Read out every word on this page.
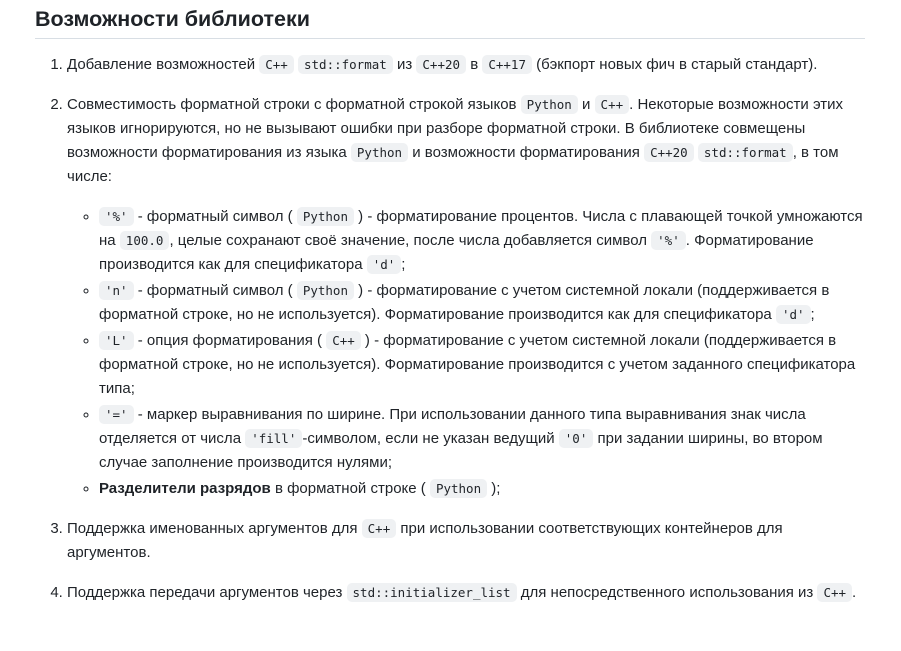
Возможности библиотеки
1. Добавление возможностей C++ std::format из C++20 в C++17 (бэкпорт новых фич в старый стандарт).
2. Совместимость форматной строки с форматной строкой языков Python и C++ . Некоторые возможности этих языков игнорируются, но не вызывают ошибки при разборе форматной строки. В библиотеке совмещены возможности форматирования из языка Python и возможности форматирования C++20 std::format , в том числе:
◦ '%' - форматный символ ( Python ) - форматирование процентов. Числа с плавающей точкой умножаются на 100.0 , целые сохранают своё значение, после числа добавляется символ '%' . Форматирование производится как для спецификатора 'd' ;
◦ 'n' - форматный символ ( Python ) - форматирование с учетом системной локали (поддерживается в форматной строке, но не используется). Форматирование производится как для спецификатора 'd' ;
◦ 'L' - опция форматирования ( C++ ) - форматирование с учетом системной локали (поддерживается в форматной строке, но не используется). Форматирование производится с учетом заданного спецификатора типа;
◦ '=' - маркер выравнивания по ширине. При использовании данного типа выравнивания знак числа отделяется от числа 'fill' -символом, если не указан ведущий '0' при задании ширины, во втором случае заполнение производится нулями;
◦ Разделители разрядов в форматной строке ( Python );
3. Поддержка именованных аргументов для C++ при использовании соответствующих контейнеров для аргументов.
4. Поддержка передачи аргументов через std::initializer_list для непосредственного использования из C++ .
